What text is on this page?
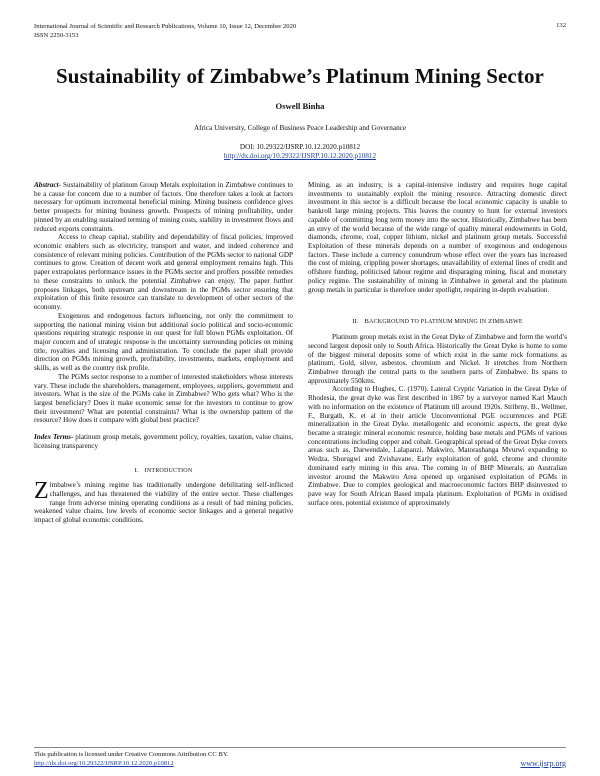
International Journal of Scientific and Research Publications, Volume 10, Issue 12, December 2020
ISSN 2250-3153
132
Sustainability of Zimbabwe’s Platinum Mining Sector
Oswell Binha
Africa University, College of Business Peace Leadership and Governance
DOI: 10.29322/IJSRP.10.12.2020.p10812
http://dx.doi.org/10.29322/IJSRP.10.12.2020.p10812

Abstract- Sustainability of platinum Group Metals exploitation in Zimbabwe continues to be a cause for concern due to a number of factors. One therefore takes a look at factors necessary for optimum incremental beneficial mining. Mining business confidence gives better prospects for mining business growth. Prospects of mining profitability, under pinned by an enabling sustained terming of mining costs, stability in investment flows and reduced exports constraints.

Access to cheap capital, stability and dependability of fiscal policies, improved economic enablers such as electricity, transport and water, and indeed coherence and consistence of relevant mining policies. Contribution of the PGMs sector to national GDP continues to grow. Creation of decent work and general employment remains high. This paper extrapolates performance issues in the PGMs sector and proffers possible remedies to these constraints to unlock the potential Zimbabwe can enjoy. The paper further proposes linkages, both upstream and downstream in the PGMs sector ensuring that exploitation of this finite resource can translate to development of other sectors of the economy.

Exogenous and endogenous factors influencing, not only the commitment to supporting the national mining vision but additional socio political and socio-economic questions requiring strategic response in our quest for full blown PGMs exploitation. Of major concern and of strategic response is the uncertainty surrounding policies on mining title, royalties and licensing and administration. To conclude the paper shall provide direction on PGMs mining growth, profitability, investments, markets, employment and skills, as well as the country risk profile.

The PGMs sector response to a number of interested stakeholders whose interests vary. These include the shareholders, management, employees, suppliers, government and investors. What is the size of the PGMs cake in Zimbabwe? Who gets what? Who is the largest beneficiary? Does it make economic sense for the investors to continue to grow their investment? What are potential constraints? What is the ownership pattern of the resource? How does it compare with global best practice?

Index Terms- platinum group metals, government policy, royalties, taxation, value chains, licensing transparency

I. INTRODUCTION

Zimbabwe’s mining regime has traditionally undergone debilitating self-inflicted challenges, and has threatened the viability of the entire sector. These challenges range from adverse mining operating conditions as a result of bad mining policies, weakened value chains, low levels of economic sector linkages and a general negative impact of global economic conditions.

Mining, as an industry, is a capital-intensive industry and requires huge capital investments to sustainably exploit the mining resource. Attracting domestic direct investment in this sector is a difficult because the local economic capacity is unable to bankroll large mining projects. This leaves the country to hunt for external investors capable of committing long term money into the sector. Historically, Zimbabwe has been an envy of the world because of the wide range of quality mineral endowments in Gold, diamonds, chrome, coal, copper lithium, nickel and platinum group metals. Successful Exploitation of these minerals depends on a number of exogenous and endogenous factors. These include a currency conundrum whose effect over the years has increased the cost of mining, crippling power shortages, unavailability of external lines of credit and offshore funding, politicised labour regime and disparaging mining, fiscal and monetary policy regime. The sustainability of mining in Zimbabwe in general and the platinum group metals in particular is therefore under spotlight, requiring in-depth evaluation.

II. BACKGROUND TO PLATINUM MINING IN ZIMBABWE

Platinum group metals exist in the Great Dyke of Zimbabwe and form the world’s second largest deposit only to South Africa. Historically the Great Dyke is home to some of the biggest mineral deposits some of which exist in the same rock formations as platinum, Gold, silver, asbestos, chromium and Nickel. It stretches from Northern Zimbabwe through the central parts to the southern parts of Zimbabwe. Its spans to approximately 550kms.

According to Hughes, C. (1970). Lateral Cryptic Variation in the Great Dyke of Rhodesia, the great dyke was first described in 1867 by a surveyor named Karl Mauch with no information on the existence of Platinum till around 1920s. Stribrny, B., Wellmer, F., Burgath, K. et al in their article Unconventional PGE occurrences and PGE mineralization in the Great Dyke. metallogenic and economic aspects, the great dyke became a strategic mineral economic resource, holding base metals and PGMs of various concentrations including copper and cobalt. Geographical spread of the Great Dyke covers areas such as, Darwendale, Lalapanzi, Makwiro, Matorashanga Mvurwi expanding to Wedza, Shurugwi and Zvishavane. Early exploitation of gold, chrome and chromite dominated early mining in this area. The coming in of BHP Minerals, an Australian investor around the Makwiro Area opened up organised exploitation of PGMs in Zimbabwe. Due to complex geological and macroeconomic factors BHP disinvested to pave way for South African Based impala platinum. Exploitation of PGMs in oxidised surface ores, potential existence of approximately

This publication is licensed under Creative Commons Attribution CC BY.
http://dx.doi.org/10.29322/IJSRP.10.12.2020.p10812	www.ijsrp.org
